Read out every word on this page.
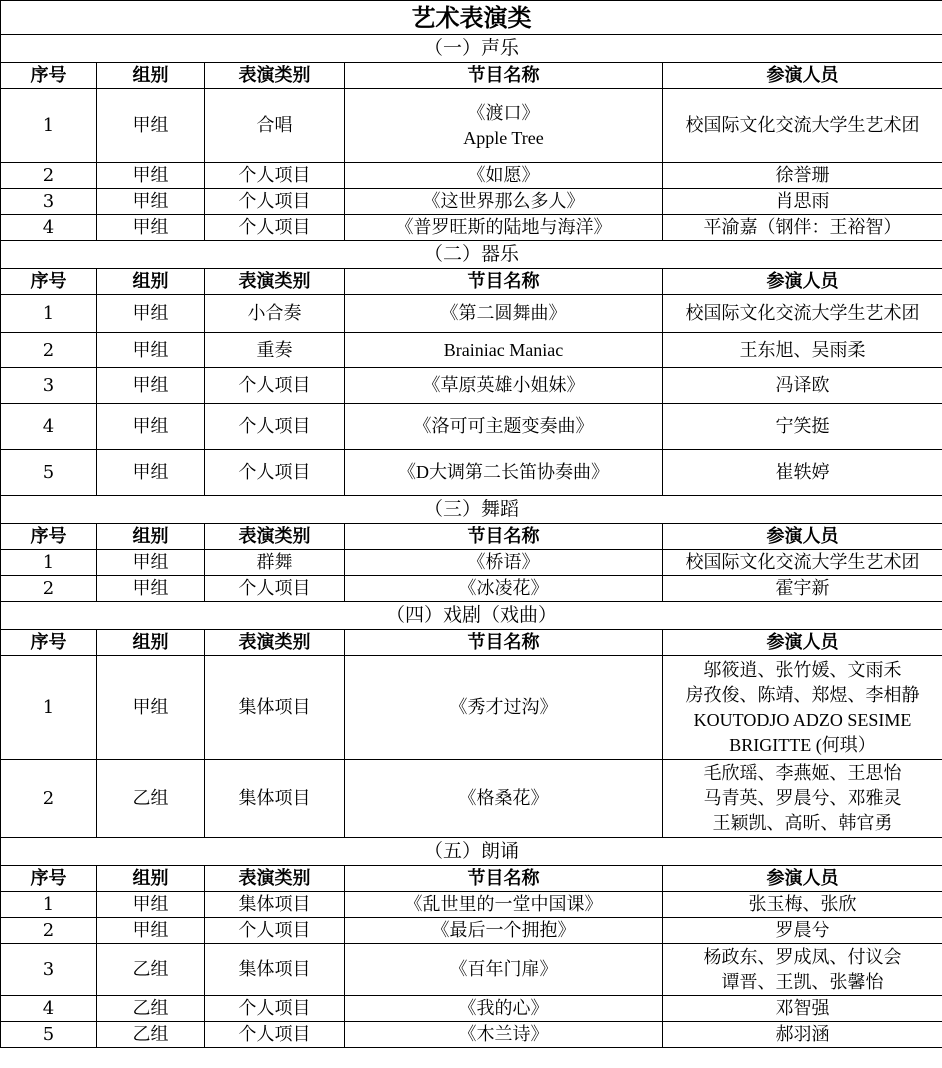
艺术表演类				
（一）声乐				
序号	组别	表演类别	节目名称	参演人员
1	甲组	合唱	《渡口》
Apple Tree	校国际文化交流大学生艺术团

2	甲组	个人项目	《如愿》	徐誉珊

3	甲组	个人项目	《这世界那么多人》	肖思雨

4	甲组	个人项目	《普罗旺斯的陆地与海洋》	平渝嘉（钢伴：王裕智）

（二）器乐				
序号	组别	表演类别	节目名称	参演人员
1	甲组	小合奏	《第二圆舞曲》	校国际文化交流大学生艺术团

2	甲组	重奏	Brainiac Maniac	王东旭、吴雨柔

3	甲组	个人项目	《草原英雄小姐妹》	冯译欧

4	甲组	个人项目	《洛可可主题变奏曲》	宁笑挺

5	甲组	个人项目	《D大调第二长笛协奏曲》	崔轶婷

（三）舞蹈				
序号	组别	表演类别	节目名称	参演人员
1	甲组	群舞	《桥语》	校国际文化交流大学生艺术团

2	甲组	个人项目	《冰凌花》	霍宇新

（四）戏剧（戏曲）				
序号	组别	表演类别	节目名称	参演人员
1	甲组	集体项目	《秀才过沟》	邬筱逍、张竹媛、文雨禾
房孜俊、陈靖、郑煜、李相静
KOUTODJO ADZO SESIME
BRIGITTE (何琪）

2	乙组	集体项目	《格桑花》	毛欣瑶、李燕姬、王思怡
马青英、罗晨兮、邓雅灵
王颖凯、高昕、韩官勇

（五）朗诵				
序号	组别	表演类别	节目名称	参演人员
1	甲组	集体项目	《乱世里的一堂中国课》	张玉梅、张欣

2	甲组	个人项目	《最后一个拥抱》	罗晨兮

3	乙组	集体项目	《百年门扉》	杨政东、罗成凤、付议会
谭晋、王凯、张馨怡

4	乙组	个人项目	《我的心》	邓智强

5	乙组	个人项目	《木兰诗》	郝羽涵
